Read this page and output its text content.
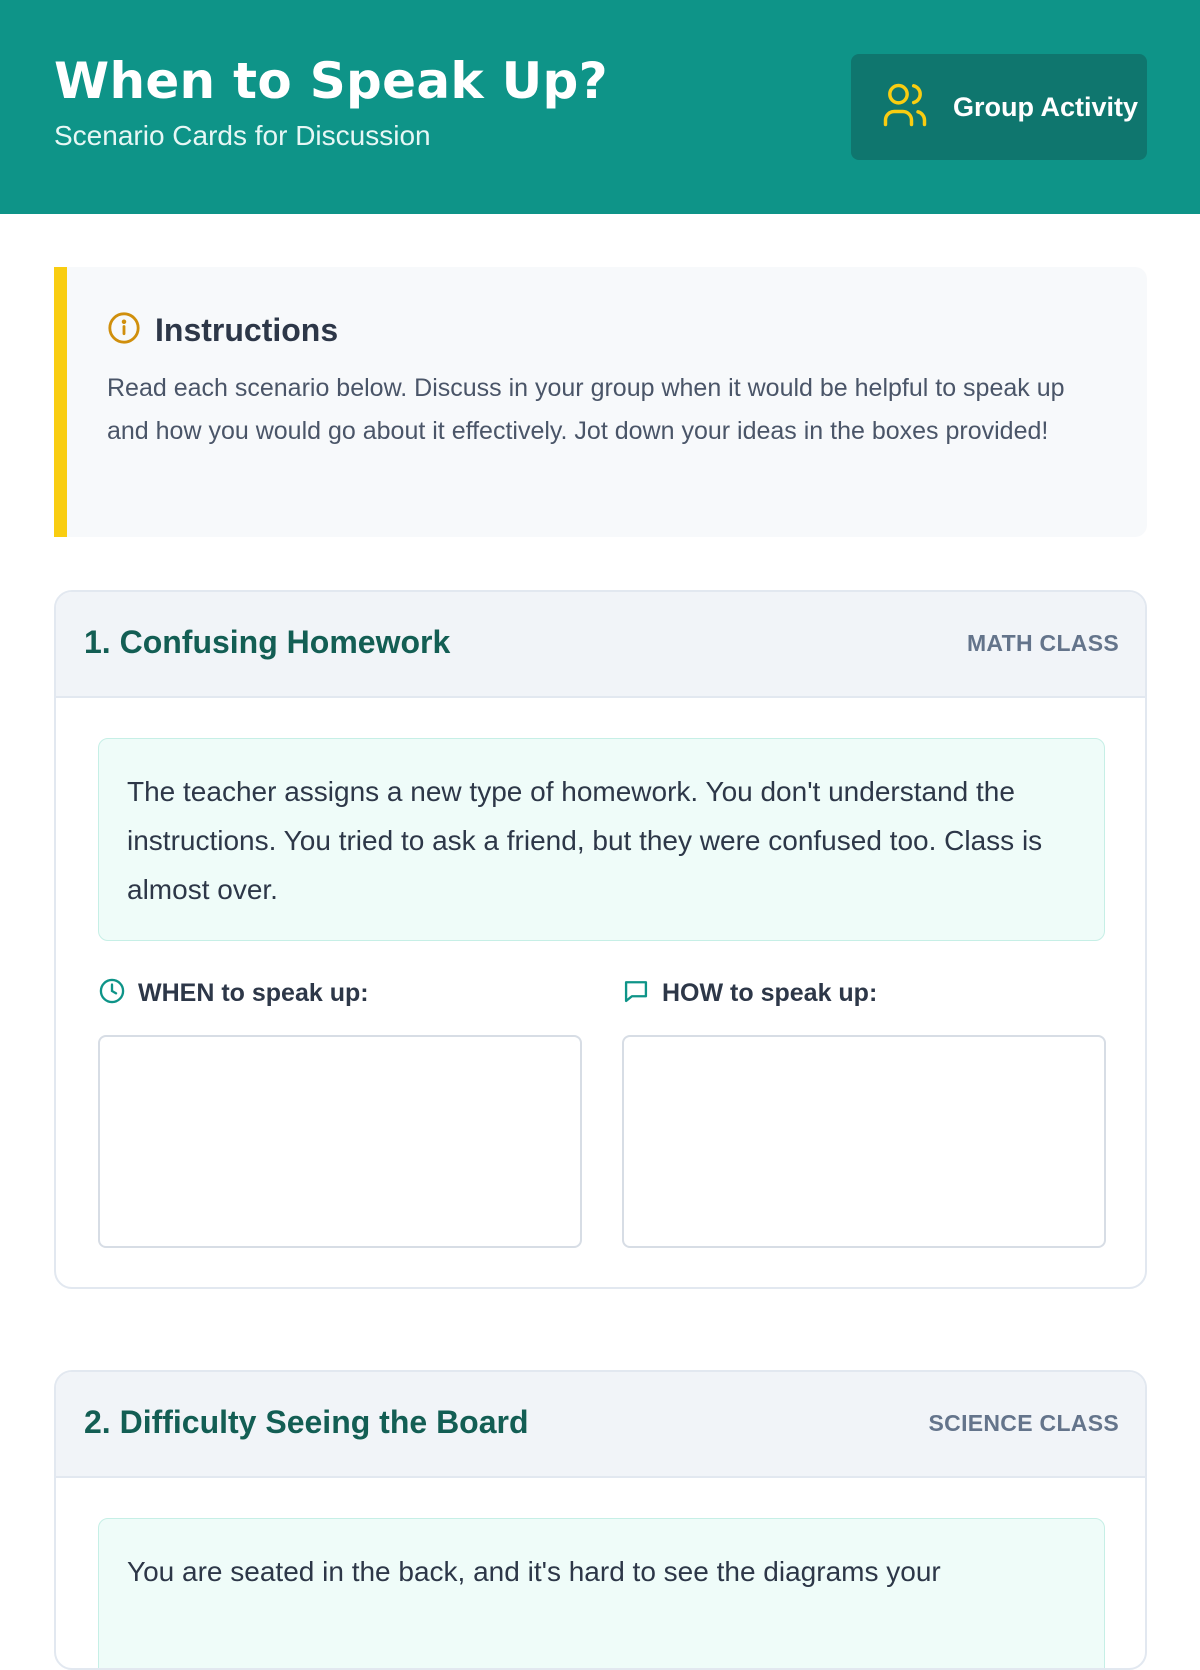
When to Speak Up?
Scenario Cards for Discussion
Group Activity
Instructions

Read each scenario below. Discuss in your group when it would be helpful to speak up and how you would go about it effectively. Jot down your ideas in the boxes provided!

1. Confusing Homework	MATH CLASS
The teacher assigns a new type of homework. You don't understand the instructions. You tried to ask a friend, but they were confused too. Class is almost over.
WHEN to speak up:	HOW to speak up:
2. Difficulty Seeing the Board	SCIENCE CLASS
You are seated in the back, and it's hard to see the diagrams your
